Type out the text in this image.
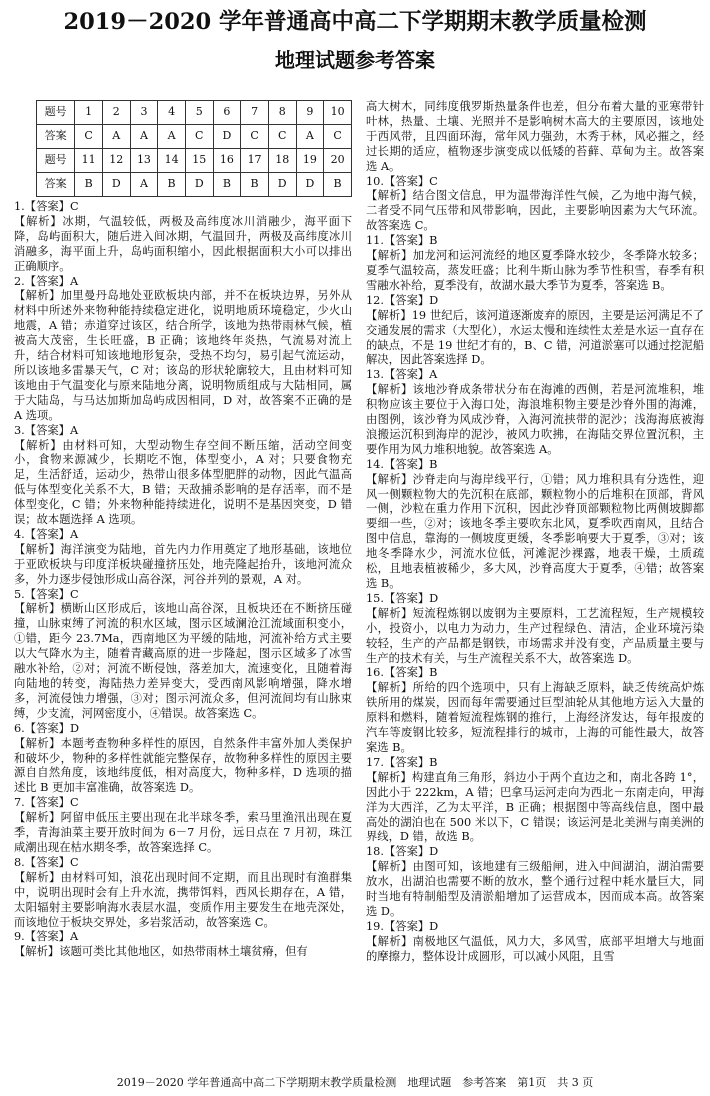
2019－2020 学年普通高中高二下学期期末教学质量检测
地理试题参考答案
题号	1	2	3	4	5	6	7	8	9	10
答案	C	A	A	A	C	D	C	C	A	C
题号	11	12	13	14	15	16	17	18	19	20
答案	B	D	A	B	D	B	B	D	D	B

1.【答案】C

【解析】冰期，气温较低，两极及高纬度冰川消融少，海平面下降，岛屿面积大，随后进入间冰期，气温回升，两极及高纬度冰川消融多，海平面上升，岛屿面积缩小，因此根据面积大小可以排出正确顺序。

2.【答案】A

【解析】加里曼丹岛地处亚欧板块内部，并不在板块边界，另外从材料中所述外来物种能持续稳定进化，说明地质环境稳定，少火山地震，A 错；赤道穿过该区，结合所学，该地为热带雨林气候，植被高大茂密，生长旺盛，B 正确；该地终年炎热，气流易对流上升，结合材料可知该地地形复杂，受热不均匀，易引起气流运动，所以该地多雷暴天气，C 对；该岛的形状轮廓较大，且由材料可知该地由于气温变化与原来陆地分离，说明物质组成与大陆相同，属于大陆岛，与马达加斯加岛屿成因相同，D 对，故答案不正确的是 A 选项。

3.【答案】A

【解析】由材料可知，大型动物生存空间不断压缩，活动空间变小，食物来源减少，长期吃不饱，体型变小，A 对；只要食物充足，生活舒适，运动少，热带山很多体型肥胖的动物，因此气温高低与体型变化关系不大，B 错；天敌捕杀影响的是存活率，而不是体型变化，C 错；外来物种能持续进化，说明不是基因突变，D 错误；故本题选择 A 选项。

4.【答案】A

【解析】海洋演变为陆地，首先内力作用奠定了地形基础，该地位于亚欧板块与印度洋板块碰撞挤压处，地壳隆起抬升，该地河流众多，外力逐步侵蚀形成山高谷深，河谷并列的景观，A 对。

5.【答案】C

【解析】横断山区形成后，该地山高谷深，且板块还在不断挤压碰撞，山脉束缚了河流的积水区域，图示区域澜沧江流域面积变小，①错，距今 23.7Ma，西南地区为平缓的陆地，河流补给方式主要以大气降水为主，随着青藏高原的进一步隆起，图示区域多了冰雪融水补给，②对；河流不断侵蚀，落差加大，流速变化，且随着海向陆地的转变，海陆热力差异变大，受西南风影响增强，降水增多，河流侵蚀力增强，③对；图示河流众多，但河流间均有山脉束缚，少支流，河网密度小，④错误。故答案选 C。

6.【答案】D

【解析】本题考查物种多样性的原因，自然条件丰富外加人类保护和破坏少，物种的多样性就能完整保存，故物种多样性的原因主要源自自然角度，该地纬度低，相对高度大，物种多样，D 选项的描述比 B 更加丰富准确，故答案选 D。

7.【答案】C

【解析】阿留申低压主要出现在北半球冬季，索马里渔汛出现在夏季，青海油菜主要开放时间为 6－7 月份，远日点在 7 月初，珠江咸潮出现在枯水期冬季，故答案选择 C。

8.【答案】C

【解析】由材料可知，浪花出现时间不定期，而且出现时有渔群集中，说明出现时会有上升水流，携带饵料，西风长期存在，A 错，太阳辐射主要影响海水表层水温，变质作用主要发生在地壳深处，而该地位于板块交界处，多岩浆活动，故答案选 C。

9.【答案】A

【解析】该题可类比其他地区，如热带雨林土壤贫瘠，但有

高大树木，同纬度俄罗斯热量条件也差，但分布着大量的亚寒带针叶林，热量、土壤、光照并不是影响树木高大的主要原因，该地处于西风带，且四面环海，常年风力强劲，木秀于林，风必摧之，经过长期的适应，植物逐步演变成以低矮的苔藓、草甸为主。故答案选 A。

10.【答案】C

【解析】结合图文信息，甲为温带海洋性气候，乙为地中海气候，二者受不同气压带和风带影响，因此，主要影响因素为大气环流。故答案选 C。

11.【答案】B

【解析】加龙河和运河流经的地区夏季降水较少，冬季降水较多；夏季气温较高，蒸发旺盛；比利牛斯山脉为季节性积雪，春季有积雪融水补给，夏季没有，故湖水最大季节为夏季，答案选 B。

12.【答案】D

【解析】19 世纪后，该河道逐渐废弃的原因，主要是运河满足不了交通发展的需求（大型化），水运太慢和连续性太差是水运一直存在的缺点，不是 19 世纪才有的，B、C 错，河道淤塞可以通过挖泥船解决，因此答案选择 D。

13.【答案】A

【解析】该地沙脊成条带状分布在海滩的西侧，若是河流堆积，堆积物应该主要位于入海口处，海浪堆积物主要是沙脊外围的海滩，由图例，该沙脊为风成沙脊，入海河流挟带的泥沙；浅海海底被海浪搬运沉积到海岸的泥沙，被风力吹拂，在海陆交界位置沉积，主要作用为风力堆积地貌。故答案选 A。

14.【答案】B

【解析】沙脊走向与海岸线平行，①错；风力堆积具有分选性，迎风一侧颗粒物大的先沉积在底部，颗粒物小的后堆积在顶部，背风一侧，沙粒在重力作用下沉积，因此沙脊顶部颗粒物比两侧坡脚都要细一些，②对；该地冬季主要吹东北风，夏季吹西南风，且结合图中信息，靠海的一侧坡度更缓，冬季影响要大于夏季，③对；该地冬季降水少，河流水位低，河滩泥沙裸露，地表干燥，土质疏松，且地表植被稀少，多大风，沙脊高度大于夏季，④错；故答案选 B。

15.【答案】D

【解析】短流程炼钢以废钢为主要原料，工艺流程短，生产规模较小，投资小，以电力为动力，生产过程绿色、清洁，企业环境污染较轻，生产的产品都是钢铁，市场需求并没有变，产品质量主要与生产的技术有关，与生产流程关系不大，故答案选 D。

16.【答案】B

【解析】所给的四个选项中，只有上海缺乏原料，缺乏传统高炉炼铁所用的煤炭，因而每年需要通过巨型油轮从其他地方运入大量的原料和燃料，随着短流程炼钢的推行，上海经济发达，每年报废的汽车等废钢比较多，短流程排行的城市，上海的可能性最大，故答案选 B。

17.【答案】B

【解析】构建直角三角形，斜边小于两个直边之和，南北各跨 1°，因此小于 222km，A 错；巴拿马运河走向为西北－东南走向，甲海洋为大西洋，乙为太平洋，B 正确；根据图中等高线信息，图中最高处的湖泊也在 500 米以下，C 错误；该运河是北美洲与南美洲的界线，D 错，故选 B。

18.【答案】D

【解析】由图可知，该地建有三级船闸，进入中间湖泊，湖泊需要放水，出湖泊也需要不断的放水，整个通行过程中耗水量巨大，同时当地有特制船型及清淤船增加了运营成本，因而成本高。故答案选 D。

19.【答案】D

【解析】南极地区气温低，风力大，多风雪，底部平坦增大与地面的摩擦力，整体设计成圆形，可以减小风阻，且雪

2019－2020 学年普通高中高二下学期期末教学质量检测　地理试题　参考答案　第1页　共 3 页
